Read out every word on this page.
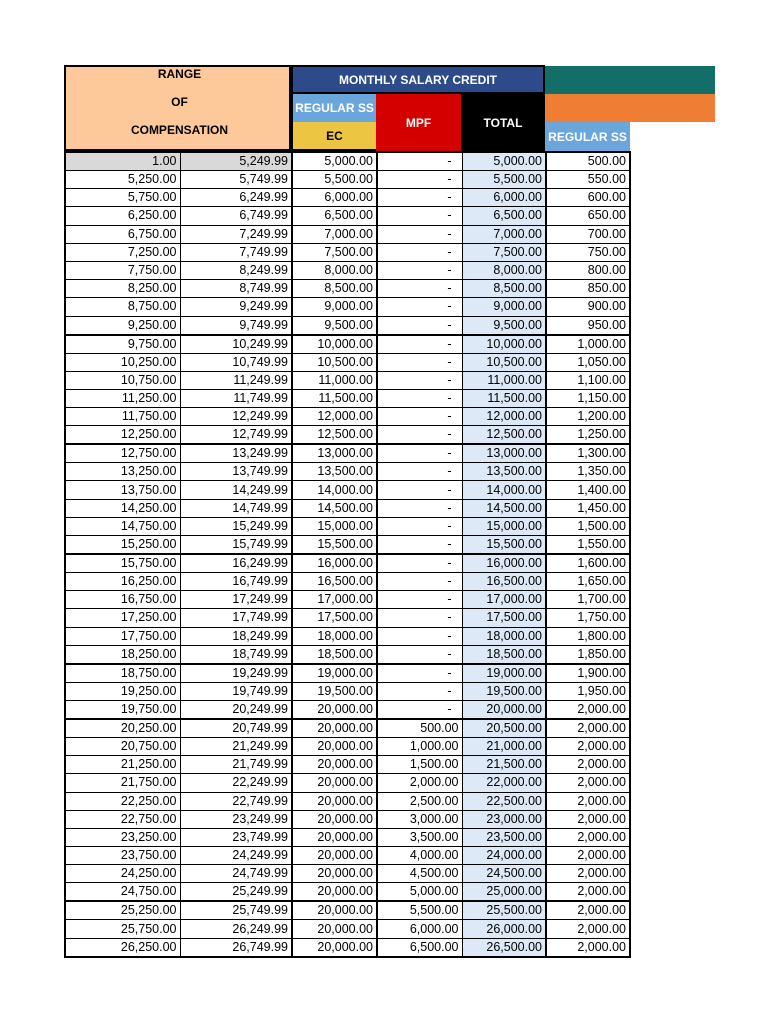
RANGE
OF
COMPENSATION
MONTHLY SALARY CREDIT
REGULAR SS
MPF	TOTAL
EC	REGULAR SS
1.00	5,249.99	5,000.00	-	5,000.00	500.00
5,250.00	5,749.99	5,500.00	-	5,500.00	550.00
5,750.00	6,249.99	6,000.00	-	6,000.00	600.00
6,250.00	6,749.99	6,500.00	-	6,500.00	650.00
6,750.00	7,249.99	7,000.00	-	7,000.00	700.00
7,250.00	7,749.99	7,500.00	-	7,500.00	750.00
7,750.00	8,249.99	8,000.00	-	8,000.00	800.00
8,250.00	8,749.99	8,500.00	-	8,500.00	850.00
8,750.00	9,249.99	9,000.00	-	9,000.00	900.00
9,250.00	9,749.99	9,500.00	-	9,500.00	950.00
9,750.00	10,249.99	10,000.00	-	10,000.00	1,000.00
10,250.00	10,749.99	10,500.00	-	10,500.00	1,050.00
10,750.00	11,249.99	11,000.00	-	11,000.00	1,100.00
11,250.00	11,749.99	11,500.00	-	11,500.00	1,150.00
11,750.00	12,249.99	12,000.00	-	12,000.00	1,200.00
12,250.00	12,749.99	12,500.00	-	12,500.00	1,250.00
12,750.00	13,249.99	13,000.00	-	13,000.00	1,300.00
13,250.00	13,749.99	13,500.00	-	13,500.00	1,350.00
13,750.00	14,249.99	14,000.00	-	14,000.00	1,400.00
14,250.00	14,749.99	14,500.00	-	14,500.00	1,450.00
14,750.00	15,249.99	15,000.00	-	15,000.00	1,500.00
15,250.00	15,749.99	15,500.00	-	15,500.00	1,550.00
15,750.00	16,249.99	16,000.00	-	16,000.00	1,600.00
16,250.00	16,749.99	16,500.00	-	16,500.00	1,650.00
16,750.00	17,249.99	17,000.00	-	17,000.00	1,700.00
17,250.00	17,749.99	17,500.00	-	17,500.00	1,750.00
17,750.00	18,249.99	18,000.00	-	18,000.00	1,800.00
18,250.00	18,749.99	18,500.00	-	18,500.00	1,850.00
18,750.00	19,249.99	19,000.00	-	19,000.00	1,900.00
19,250.00	19,749.99	19,500.00	-	19,500.00	1,950.00
19,750.00	20,249.99	20,000.00	-	20,000.00	2,000.00
20,250.00	20,749.99	20,000.00	500.00	20,500.00	2,000.00
20,750.00	21,249.99	20,000.00	1,000.00	21,000.00	2,000.00
21,250.00	21,749.99	20,000.00	1,500.00	21,500.00	2,000.00
21,750.00	22,249.99	20,000.00	2,000.00	22,000.00	2,000.00
22,250.00	22,749.99	20,000.00	2,500.00	22,500.00	2,000.00
22,750.00	23,249.99	20,000.00	3,000.00	23,000.00	2,000.00
23,250.00	23,749.99	20,000.00	3,500.00	23,500.00	2,000.00
23,750.00	24,249.99	20,000.00	4,000.00	24,000.00	2,000.00
24,250.00	24,749.99	20,000.00	4,500.00	24,500.00	2,000.00
24,750.00	25,249.99	20,000.00	5,000.00	25,000.00	2,000.00
25,250.00	25,749.99	20,000.00	5,500.00	25,500.00	2,000.00
25,750.00	26,249.99	20,000.00	6,000.00	26,000.00	2,000.00
26,250.00	26,749.99	20,000.00	6,500.00	26,500.00	2,000.00
